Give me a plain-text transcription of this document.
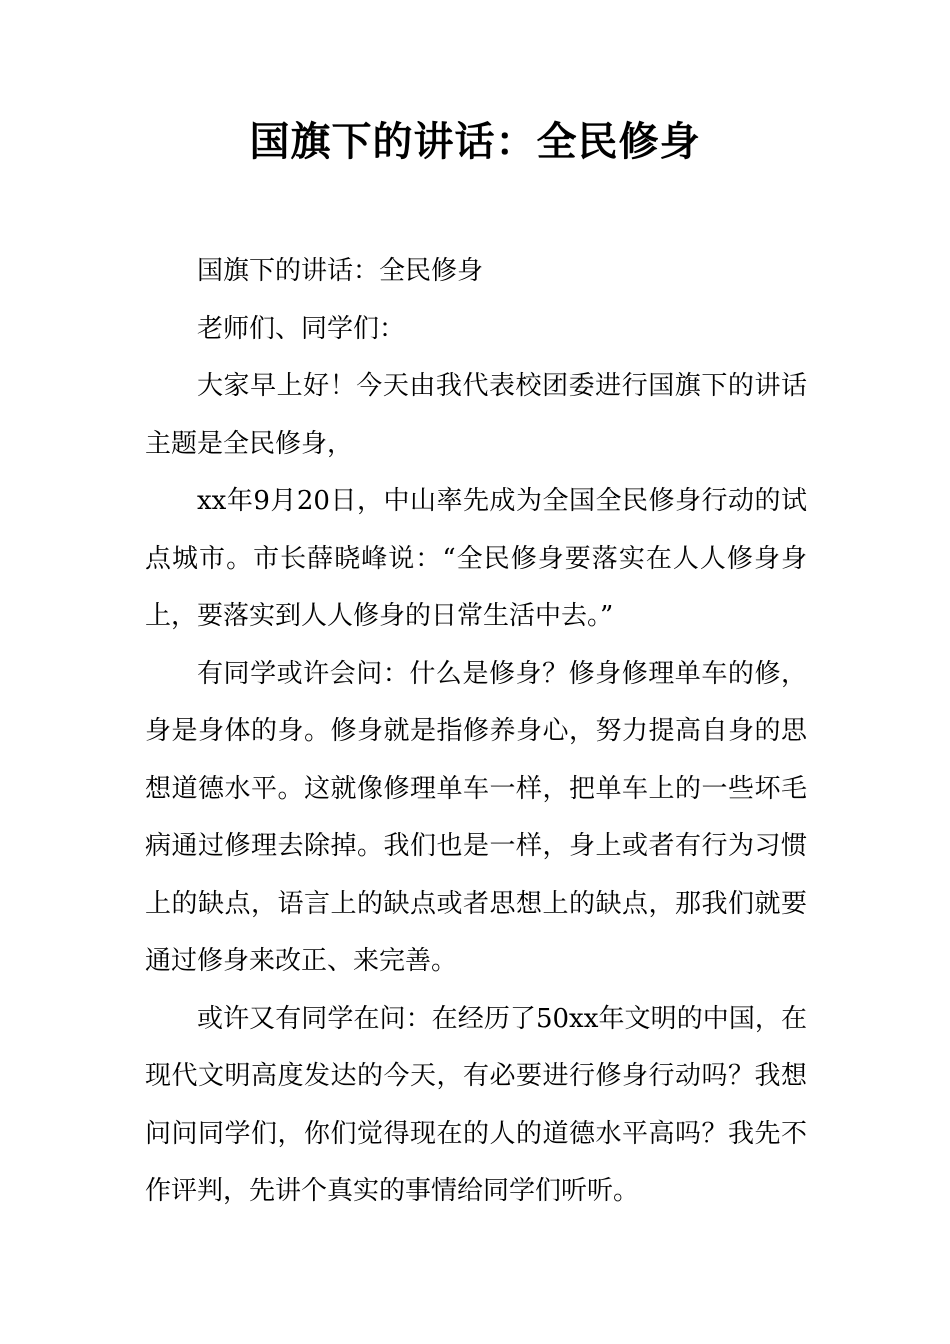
国旗下的讲话：全民修身

国旗下的讲话：全民修身

老师们、同学们：

大家早上好！今天由我代表校团委进行国旗下的讲话主题是全民修身，

xx年9月20日，中山率先成为全国全民修身行动的试点城市。市长薛晓峰说：“全民修身要落实在人人修身身上，要落实到人人修身的日常生活中去。”

有同学或许会问：什么是修身？修身修理单车的修，身是身体的身。修身就是指修养身心，努力提高自身的思想道德水平。这就像修理单车一样，把单车上的一些坏毛病通过修理去除掉。我们也是一样，身上或者有行为习惯上的缺点，语言上的缺点或者思想上的缺点，那我们就要通过修身来改正、来完善。

或许又有同学在问：在经历了50xx年文明的中国，在现代文明高度发达的今天，有必要进行修身行动吗？我想问问同学们，你们觉得现在的人的道德水平高吗？我先不作评判，先讲个真实的事情给同学们听听。
